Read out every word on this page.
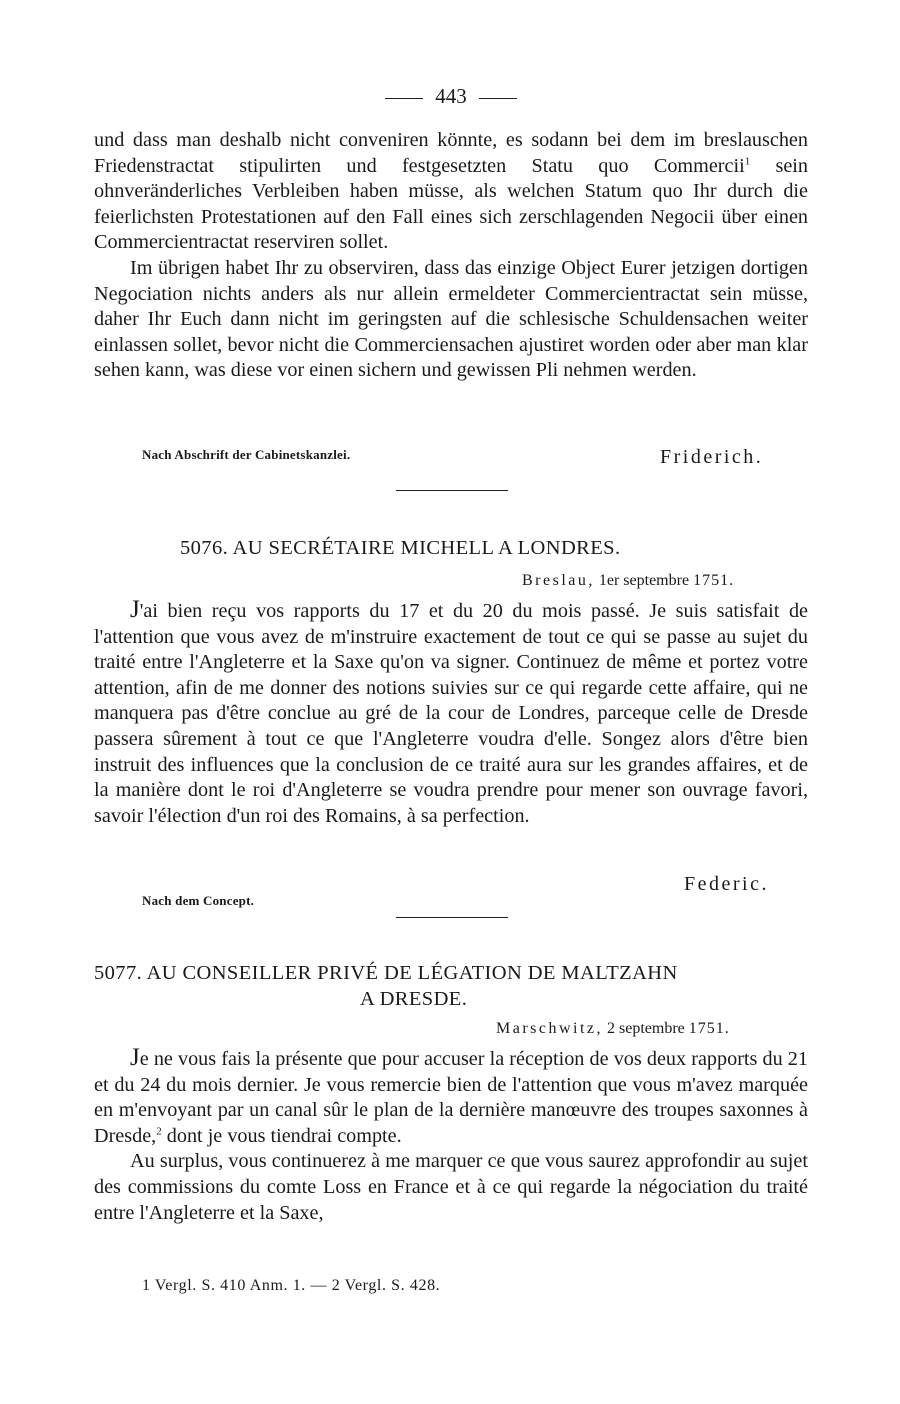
443

und dass man deshalb nicht conveniren könnte, es sodann bei dem im breslauschen Friedenstractat stipulirten und festgesetzten Statu quo Commercii$^1$ sein ohnveränderliches Verbleiben haben müsse, als welchen Statum quo Ihr durch die feierlichsten Protestationen auf den Fall eines sich zerschlagenden Negocii über einen Commercientractat reserviren sollet.

Im übrigen habet Ihr zu observiren, dass das einzige Object Eurer jetzigen dortigen Negociation nichts anders als nur allein ermeldeter Commercientractat sein müsse, daher Ihr Euch dann nicht im geringsten auf die schlesische Schuldensachen weiter einlassen sollet, bevor nicht die Commerciensachen ajustiret worden oder aber man klar sehen kann, was diese vor einen sichern und gewissen Pli nehmen werden.

Nach Abschrift der Cabinetskanzlei.	Friderich.
5076. AU SECRÉTAIRE MICHELL A LONDRES.
Breslau, 1er septembre 1751.

J'ai bien reçu vos rapports du 17 et du 20 du mois passé. Je suis satisfait de l'attention que vous avez de m'instruire exactement de tout ce qui se passe au sujet du traité entre l'Angleterre et la Saxe qu'on va signer. Continuez de même et portez votre attention, afin de me donner des notions suivies sur ce qui regarde cette affaire, qui ne manquera pas d'être conclue au gré de la cour de Londres, parceque celle de Dresde passera sûrement à tout ce que l'Angleterre voudra d'elle. Songez alors d'être bien instruit des influences que la conclusion de ce traité aura sur les grandes affaires, et de la manière dont le roi d'Angleterre se voudra prendre pour mener son ouvrage favori, savoir l'élection d'un roi des Romains, à sa perfection.

Federic.
Nach dem Concept.
5077. AU CONSEILLER PRIVÉ DE LÉGATION DE MALTZAHN
A DRESDE.
Marschwitz, 2 septembre 1751.

Je ne vous fais la présente que pour accuser la réception de vos deux rapports du 21 et du 24 du mois dernier. Je vous remercie bien de l'attention que vous m'avez marquée en m'envoyant par un canal sûr le plan de la dernière manœuvre des troupes saxonnes à Dresde,$^2$ dont je vous tiendrai compte.

Au surplus, vous continuerez à me marquer ce que vous saurez approfondir au sujet des commissions du comte Loss en France et à ce qui regarde la négociation du traité entre l'Angleterre et la Saxe,

1 Vergl. S. 410 Anm. 1. — 2 Vergl. S. 428.
